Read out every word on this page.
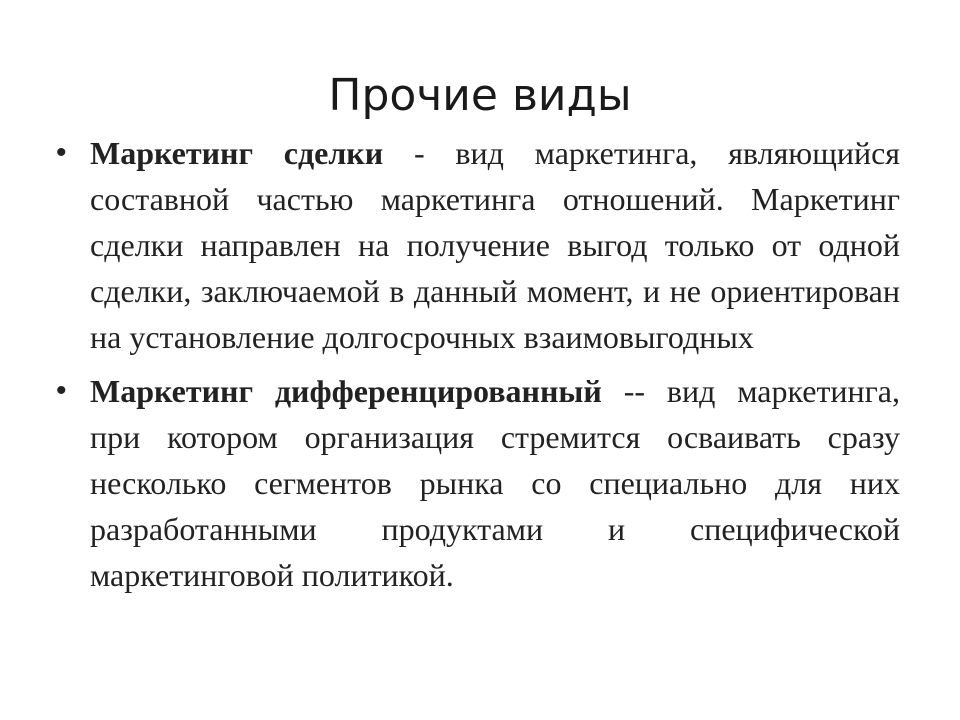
Прочие виды
• Маркетинг сделки - вид маркетинга, являющийся составной частью маркетинга отношений. Маркетинг сделки направлен на получение выгод только от одной сделки, заключаемой в данный момент, и не ориентирован на установление долгосрочных взаимовыгодных
• Маркетинг дифференцированный -- вид маркетинга, при котором организация стремится осваивать сразу несколько сегментов рынка со специально для них разработанными продуктами и специфической маркетинговой политикой.
